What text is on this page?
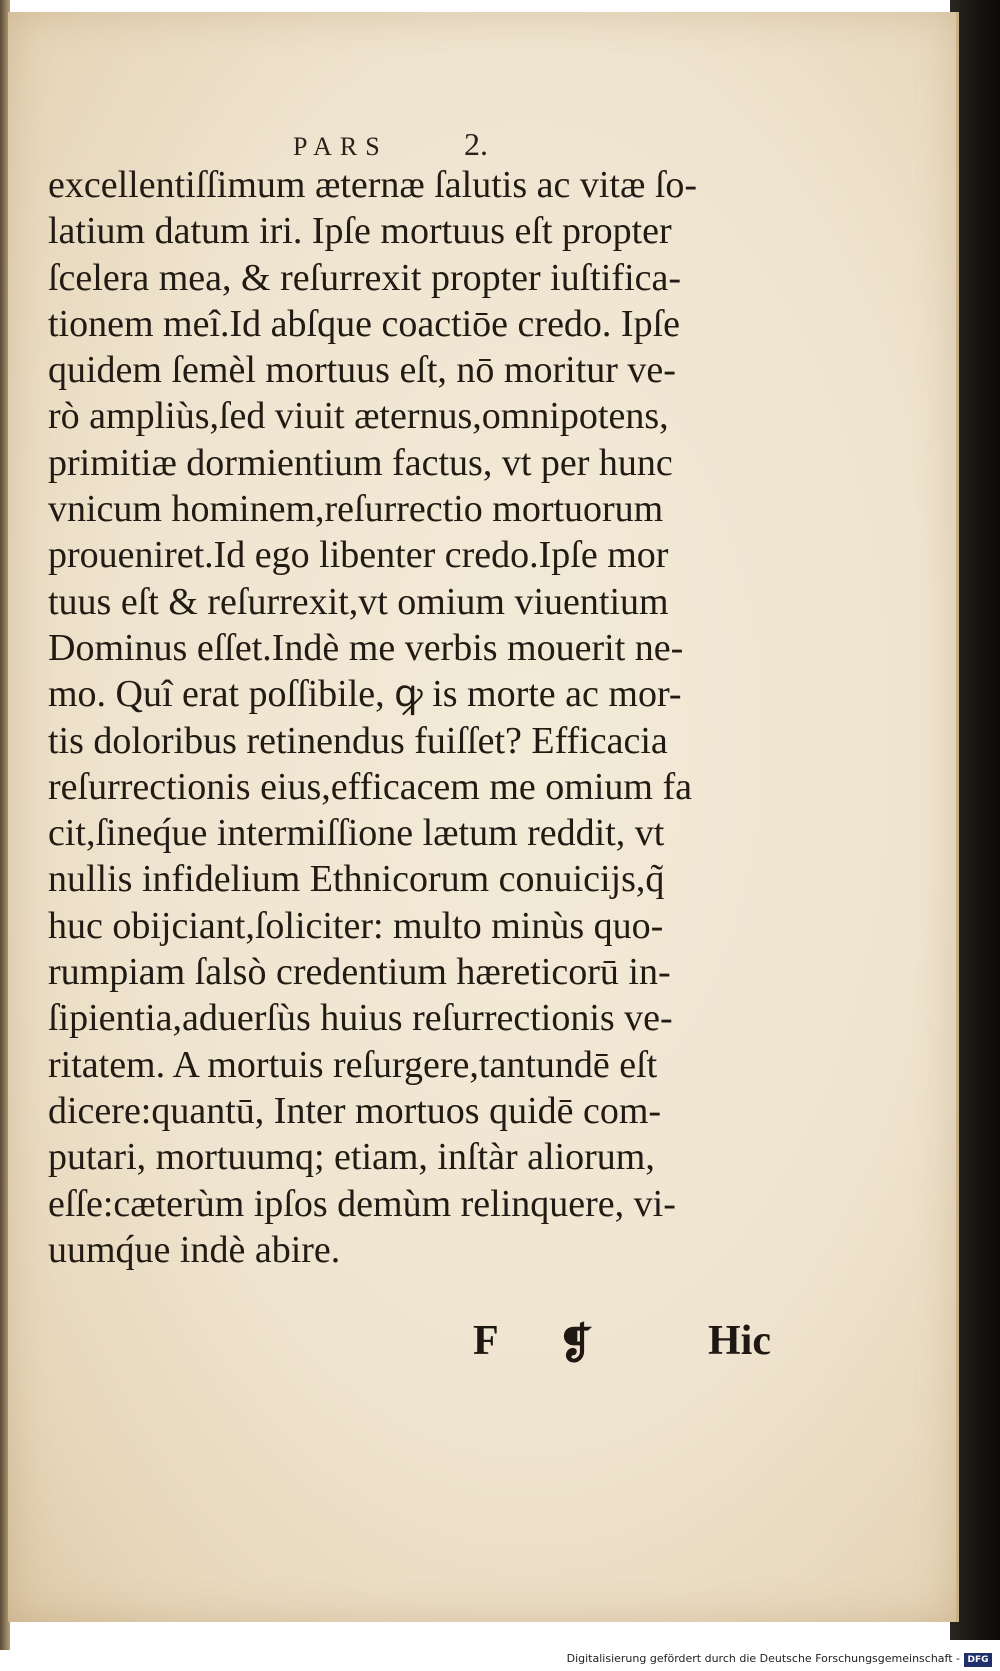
PARS 2.
excellentiſſimum æternæ ſalutis ac vitæ ſo-
latium datum iri. Ipſe mortuus eſt propter
ſcelera mea, & reſurrexit propter iuſtifica-
tionem meî.Id abſque coactiōe credo. Ipſe
quidem ſemèl mortuus eſt, nō moritur ve-
rò ampliùs,ſed viuit æternus,omnipotens,
primitiæ dormientium factus, vt per hunc
vnicum hominem,reſurrectio mortuorum
proueniret.Id ego libenter credo.Ipſe mor
tuus eſt & reſurrexit,vt omium viuentium
Dominus eſſet.Indè me verbis mouerit ne-
mo. Quî erat poſſibile, ꝙ is morte ac mor-
tis doloribus retinendus fuiſſet? Efficacia
reſurrectionis eius,efficacem me omium fa
cit,ſineq́ue intermiſſione lætum reddit, vt
nullis infidelium Ethnicorum conuicijs,q̃
huc obijciant,ſoliciter: multo minùs quo-
rumpiam ſalsò credentium hæreticorū in-
ſipientia,aduerſùs huius reſurrectionis ve-
ritatem. A mortuis reſurgere,tantundē eſt
dicere:quantū, Inter mortuos quidē com-
putari, mortuumq; etiam, inſtàr aliorum,
eſſe:cæterùm ipſos demùm relinquere, vi-
uumq́ue indè abire.
F ❡	Hic
Digitalisierung gefördert durch die Deutsche Forschungsgemeinschaft - DFG
